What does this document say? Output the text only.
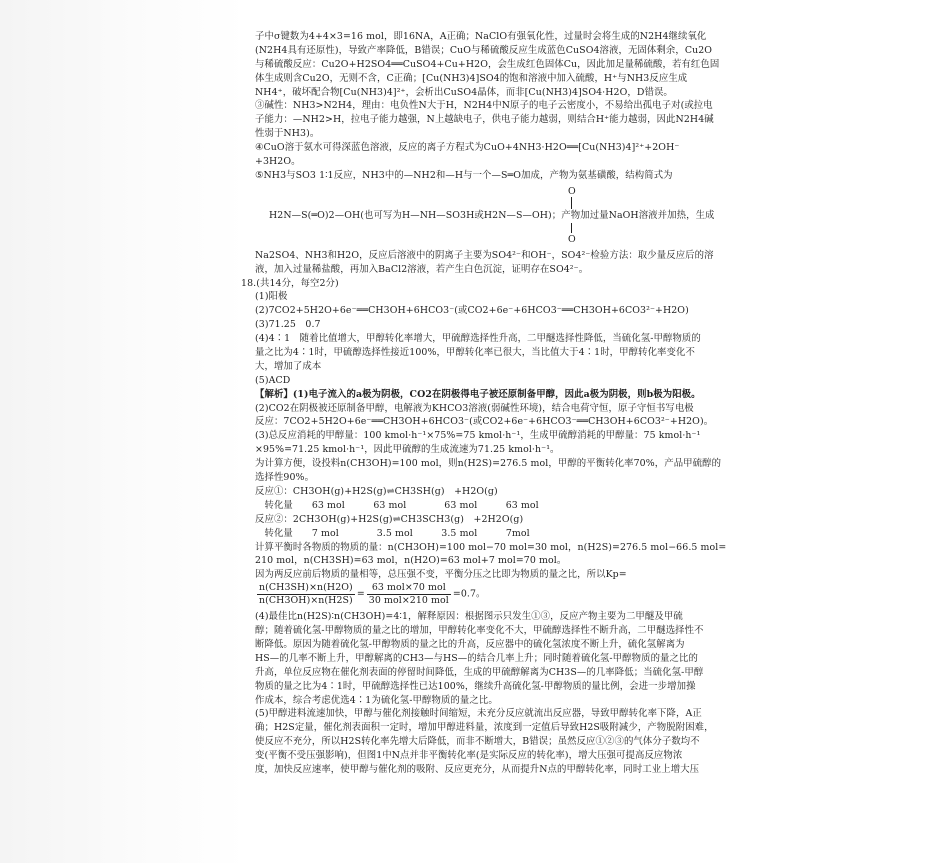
子中σ键数为4+4×3=16 mol，即16NA，A正确；NaClO有强氧化性，过量时会将生成的N2H4继续氧化
(N2H4具有还原性)，导致产率降低，B错误；CuO与稀硫酸反应生成蓝色CuSO4溶液，无固体剩余，Cu2O
与稀硫酸反应：Cu2O+H2SO4══CuSO4+Cu+H2O，会生成红色固体Cu，因此加足量稀硫酸，若有红色固
体生成则含Cu2O，无则不含，C正确；[Cu(NH3)4]SO4的饱和溶液中加入硫酸，H⁺与NH3反应生成
NH4⁺，破坏配合物[Cu(NH3)4]²⁺，会析出CuSO4晶体，而非[Cu(NH3)4]SO4·H2O，D错误。
③碱性：NH3>N2H4，理由：电负性N大于H，N2H4中N原子的电子云密度小，不易给出孤电子对(或拉电
子能力：—NH2>H，拉电子能力越强，N上越缺电子，供电子能力越弱，则结合H⁺能力越弱，因此N2H4碱
性弱于NH3)。
④CuO溶于氨水可得深蓝色溶液，反应的离子方程式为CuO+4NH3·H2O══[Cu(NH3)4]²⁺+2OH⁻
+3H2O。
⑤NH3与SO3 1∶1反应，NH3中的—NH2和—H与一个—S═O加成，产物为氨基磺酸，结构简式为
O
H2N—S(═O)2—OH(也可写为H—NH—SO3H或H2N—S—OH)；产物加过量NaOH溶液并加热，生成
O
Na2SO4、NH3和H2O，反应后溶液中的阴离子主要为SO4²⁻和OH⁻，SO4²⁻检验方法：取少量反应后的溶
液，加入过量稀盐酸，再加入BaCl2溶液，若产生白色沉淀，证明存在SO4²⁻。
18.(共14分，每空2分)
(1)阳极
(2)7CO2+5H2O+6e⁻══CH3OH+6HCO3⁻(或CO2+6e⁻+6HCO3⁻══CH3OH+6CO3²⁻+H2O)
(3)71.25　0.7
(4)4∶1　随着比值增大，甲醇转化率增大，甲硫醇选择性升高，二甲醚选择性降低，当硫化氢-甲醇物质的
量之比为4∶1时，甲硫醇选择性接近100%，甲醇转化率已很大，当比值大于4∶1时，甲醇转化率变化不
大，增加了成本
(5)ACD
【解析】(1)电子流入的a极为阴极，CO2在阴极得电子被还原制备甲醇，因此a极为阴极，则b极为阳极。
(2)CO2在阴极被还原制备甲醇，电解液为KHCO3溶液(弱碱性环境)，结合电荷守恒，原子守恒书写电极
反应：7CO2+5H2O+6e⁻══CH3OH+6HCO3⁻(或CO2+6e⁻+6HCO3⁻══CH3OH+6CO3²⁻+H2O)。
(3)总反应消耗的甲醇量：100 kmol·h⁻¹×75%=75 kmol·h⁻¹，生成甲硫醇消耗的甲醇量：75 kmol·h⁻¹
×95%=71.25 kmol·h⁻¹，因此甲硫醇的生成流速为71.25 kmol·h⁻¹。
为计算方便，设投料n(CH3OH)=100 mol，则n(H2S)=276.5 mol，甲醇的平衡转化率70%，产品甲硫醇的
选择性90%。
反应①：CH3OH(g)+H2S(g)⇌CH3SH(g)　+H2O(g)
　转化量　　63 mol　　　63 mol　　　　63 mol　　　63 mol
反应②：2CH3OH(g)+H2S(g)⇌CH3SCH3(g)　+2H2O(g)
　转化量　　7 mol　　　　3.5 mol　　　3.5 mol　　　7mol
计算平衡时各物质的物质的量：n(CH3OH)=100 mol−70 mol=30 mol，n(H2S)=276.5 mol−66.5 mol=
210 mol，n(CH3SH)=63 mol，n(H2O)=63 mol+7 mol=70 mol。
因为两反应前后物质的量相等，总压强不变，平衡分压之比即为物质的量之比，所以Kp=
$\frac{n(CH3SH)\times n(H2O)}{n(CH3OH)\times n(H2S)} = \frac{\text{63 mol×70 mol}}{\text{30 mol×210 mol}} =0.7$。
(4)最佳比n(H2S)∶n(CH3OH)=4∶1，解释原因：根据图示只发生①③，反应产物主要为二甲醚及甲硫
醇；随着硫化氢-甲醇物质的量之比的增加，甲醇转化率变化不大，甲硫醇选择性不断升高，二甲醚选择性不
断降低。原因为随着硫化氢-甲醇物质的量之比的升高，反应器中的硫化氢浓度不断上升，硫化氢解离为
HS—的几率不断上升，甲醇解离的CH3—与HS—的结合几率上升；同时随着硫化氢-甲醇物质的量之比的
升高，单位反应物在催化剂表面的停留时间降低，生成的甲硫醇解离为CH3S—的几率降低；当硫化氢-甲醇
物质的量之比为4∶1时，甲硫醇选择性已达100%，继续升高硫化氢-甲醇物质的量比例，会进一步增加操
作成本，综合考虑优选4∶1为硫化氢-甲醇物质的量之比。
(5)甲醇进料流速加快，甲醇与催化剂接触时间缩短，未充分反应就流出反应器，导致甲醇转化率下降，A正
确；H2S定量，催化剂表面积一定时，增加甲醇进料量，浓度到一定值后导致H2S吸附减少，产物脱附困难，
使反应不充分，所以H2S转化率先增大后降低，而非不断增大，B错误；虽然反应①②③的气体分子数均不
变(平衡不受压强影响)，但图1中N点并非平衡转化率(是实际反应的转化率)，增大压强可提高反应物浓
度，加快反应速率，使甲醇与催化剂的吸附、反应更充分，从而提升N点的甲醇转化率，同时工业上增大压
